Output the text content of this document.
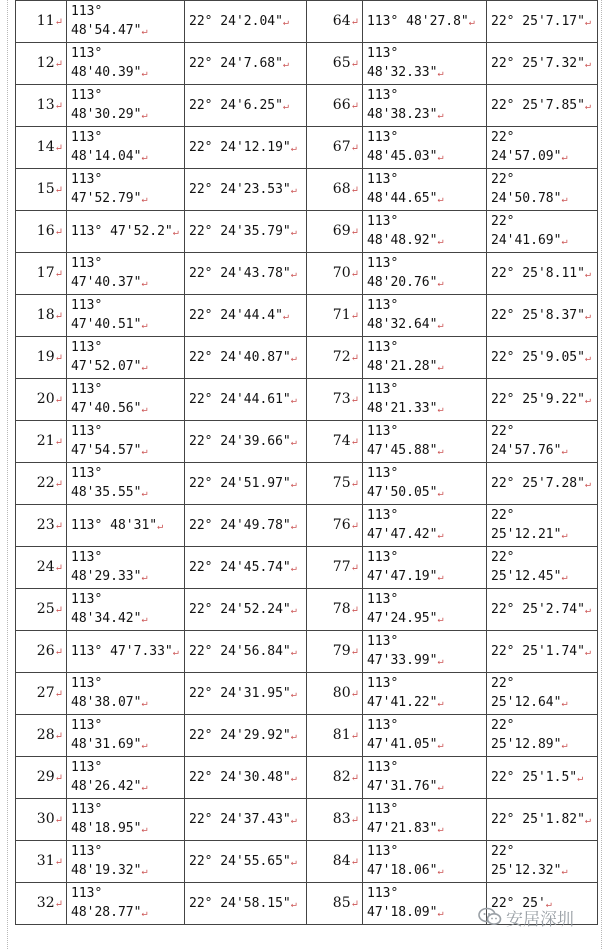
11↵	113°
48'54.47"↵	22° 24'2.04"↵	64↵	113° 48'27.8"↵	22° 25'7.17"↵
12↵	113°
48'40.39"↵	22° 24'7.68"↵	65↵	113°
48'32.33"↵	22° 25'7.32"↵
13↵	113°
48'30.29"↵	22° 24'6.25"↵	66↵	113°
48'38.23"↵	22° 25'7.85"↵
14↵	113°
48'14.04"↵	22° 24'12.19"↵	67↵	113°
48'45.03"↵	22°
24'57.09"↵
15↵	113°
47'52.79"↵	22° 24'23.53"↵	68↵	113°
48'44.65"↵	22°
24'50.78"↵
16↵	113° 47'52.2"↵	22° 24'35.79"↵	69↵	113°
48'48.92"↵	22°
24'41.69"↵
17↵	113°
47'40.37"↵	22° 24'43.78"↵	70↵	113°
48'20.76"↵	22° 25'8.11"↵
18↵	113°
47'40.51"↵	22° 24'44.4"↵	71↵	113°
48'32.64"↵	22° 25'8.37"↵
19↵	113°
47'52.07"↵	22° 24'40.87"↵	72↵	113°
48'21.28"↵	22° 25'9.05"↵
20↵	113°
47'40.56"↵	22° 24'44.61"↵	73↵	113°
48'21.33"↵	22° 25'9.22"↵
21↵	113°
47'54.57"↵	22° 24'39.66"↵	74↵	113°
47'45.88"↵	22°
24'57.76"↵
22↵	113°
48'35.55"↵	22° 24'51.97"↵	75↵	113°
47'50.05"↵	22° 25'7.28"↵
23↵	113° 48'31"↵	22° 24'49.78"↵	76↵	113°
47'47.42"↵	22°
25'12.21"↵
24↵	113°
48'29.33"↵	22° 24'45.74"↵	77↵	113°
47'47.19"↵	22°
25'12.45"↵
25↵	113°
48'34.42"↵	22° 24'52.24"↵	78↵	113°
47'24.95"↵	22° 25'2.74"↵
26↵	113° 47'7.33"↵	22° 24'56.84"↵	79↵	113°
47'33.99"↵	22° 25'1.74"↵
27↵	113°
48'38.07"↵	22° 24'31.95"↵	80↵	113°
47'41.22"↵	22°
25'12.64"↵
28↵	113°
48'31.69"↵	22° 24'29.92"↵	81↵	113°
47'41.05"↵	22°
25'12.89"↵
29↵	113°
48'26.42"↵	22° 24'30.48"↵	82↵	113°
47'31.76"↵	22° 25'1.5"↵
30↵	113°
48'18.95"↵	22° 24'37.43"↵	83↵	113°
47'21.83"↵	22° 25'1.82"↵
31↵	113°
48'19.32"↵	22° 24'55.65"↵	84↵	113°
47'18.06"↵	22°
25'12.32"↵
32↵	113°
48'28.77"↵	22° 24'58.15"↵	85↵	113°
47'18.09"↵	22° 25'↵
安居深圳
